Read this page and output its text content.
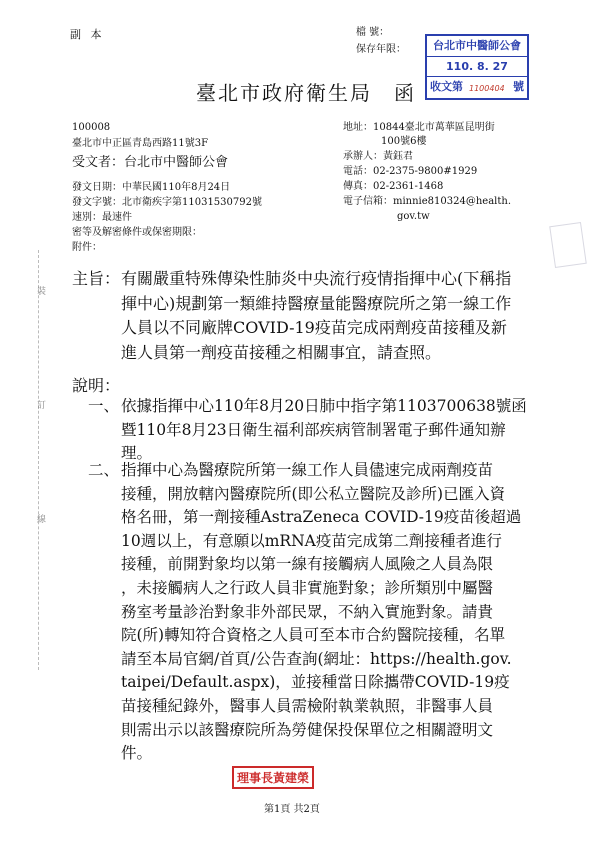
副 本	檔 號：
保存年限：	台北市中醫師公會
110. 8. 27
收文第 1100404 號
臺北市政府衛生局　函
100008
臺北市中正區青島西路11號3F
受文者：台北市中醫師公會
地址：10844臺北市萬華區昆明街
100號6樓
承辦人：黃鈺君
電話：02-2375-9800#1929
傳真：02-2361-1468
電子信箱：minnie810324@health.
gov.tw
發文日期：中華民國110年8月24日
發文字號：北市衛疾字第11031530792號
速別：最速件
密等及解密條件或保密期限：
附件：
裝
訂
線
主旨： 有關嚴重特殊傳染性肺炎中央流行疫情指揮中心(下稱指
揮中心)規劃第一類維持醫療量能醫療院所之第一線工作
人員以不同廠牌COVID-19疫苗完成兩劑疫苗接種及新
進人員第一劑疫苗接種之相關事宜，請查照。
說明：
一、 依據指揮中心110年8月20日肺中指字第1103700638號函
暨110年8月23日衛生福利部疾病管制署電子郵件通知辦
理。
二、 指揮中心為醫療院所第一線工作人員儘速完成兩劑疫苗
接種，開放轄內醫療院所(即公私立醫院及診所)已匯入資
格名冊，第一劑接種AstraZeneca COVID-19疫苗後超過
10週以上，有意願以mRNA疫苗完成第二劑接種者進行
接種，前開對象均以第一線有接觸病人風險之人員為限
，未接觸病人之行政人員非實施對象；診所類別中屬醫
務室考量診治對象非外部民眾，不納入實施對象。請貴
院(所)轉知符合資格之人員可至本市合約醫院接種，名單
請至本局官網/首頁/公告查詢(網址：https://health.gov.
taipei/Default.aspx)，並接種當日除攜帶COVID-19疫
苗接種紀錄外，醫事人員需檢附執業執照，非醫事人員
則需出示以該醫療院所為勞健保投保單位之相關證明文
件。
理事長黃建榮
第1頁 共2頁
